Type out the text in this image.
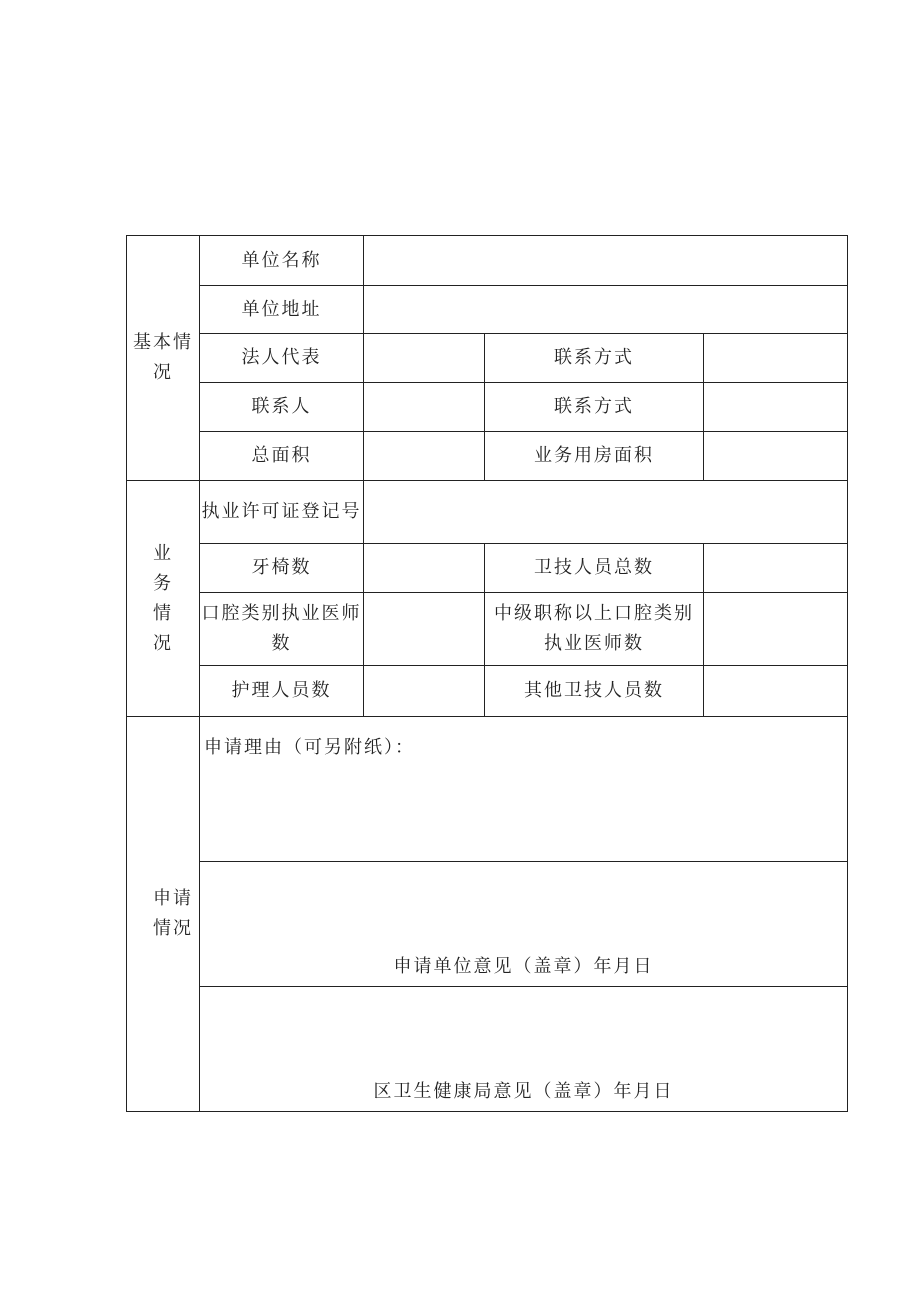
基本情况	单位名称			
	单位地址			
	法人代表		联系方式	
	联系人		联系方式	
	总面积		业务用房面积	

业
务
情
况	执业许可证登记号			
	牙椅数		卫技人员总数	
	口腔类别执业医师数		中级职称以上口腔类别执业医师数	
	护理人员数		其他卫技人员数	

申请
情况	申请理由（可另附纸）：			
	申请单位意见（盖章）年月日			
	区卫生健康局意见（盖章）年月日			
